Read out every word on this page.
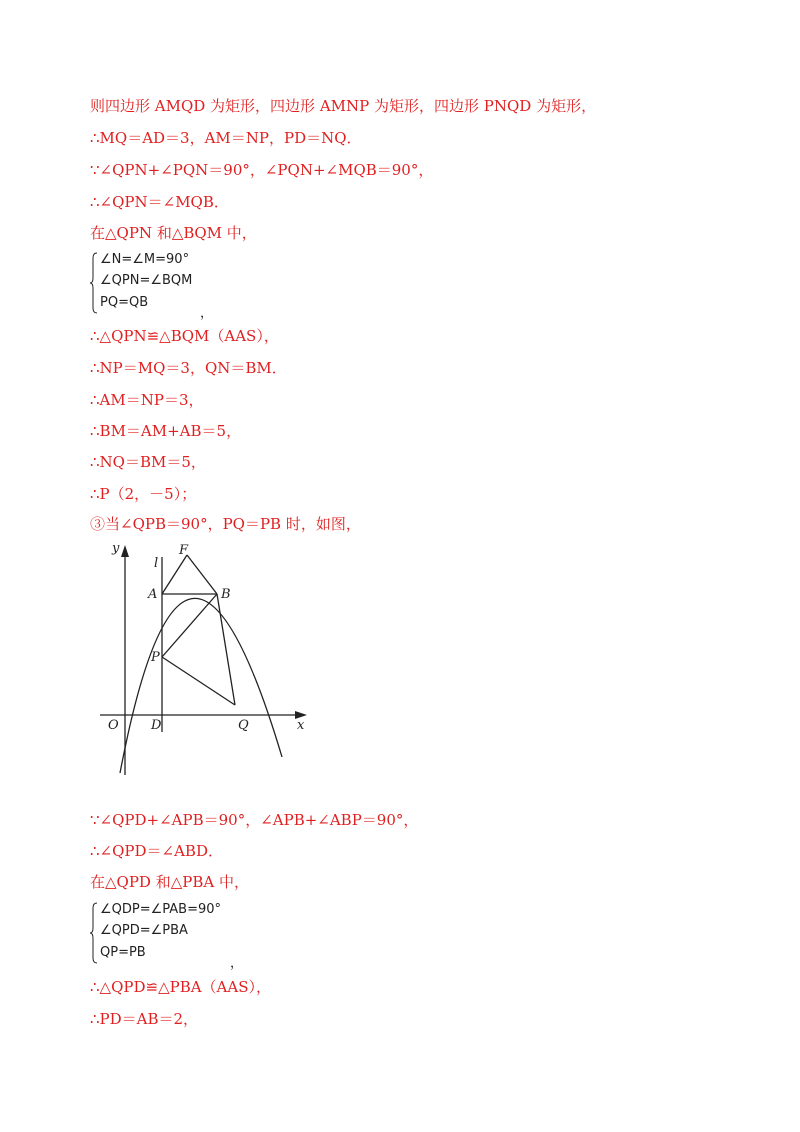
则四边形 AMQD 为矩形，四边形 AMNP 为矩形，四边形 PNQD 为矩形，
∴MQ＝AD＝3，AM＝NP，PD＝NQ．
∵∠QPN+∠PQN＝90°，∠PQN+∠MQB＝90°，
∴∠QPN＝∠MQB．
在△QPN 和△BQM 中，
∠N=∠M=90°
∠QPN=∠BQM
PQ=QB
，
∴△QPN≌△BQM（AAS），
∴NP＝MQ＝3，QN＝BM．
∴AM＝NP＝3，
∴BM＝AM+AB＝5，
∴NQ＝BM＝5，
∴P（2，－5）；
③当∠QPB＝90°，PQ＝PB 时，如图，
y
l
F
A	B
P
O D	Q	x
∵∠QPD+∠APB＝90°，∠APB+∠ABP＝90°，
∴∠QPD＝∠ABD．
在△QPD 和△PBA 中，
∠QDP=∠PAB=90°
∠QPD=∠PBA
QP=PB
，
∴△QPD≌△PBA（AAS），
∴PD＝AB＝2，
